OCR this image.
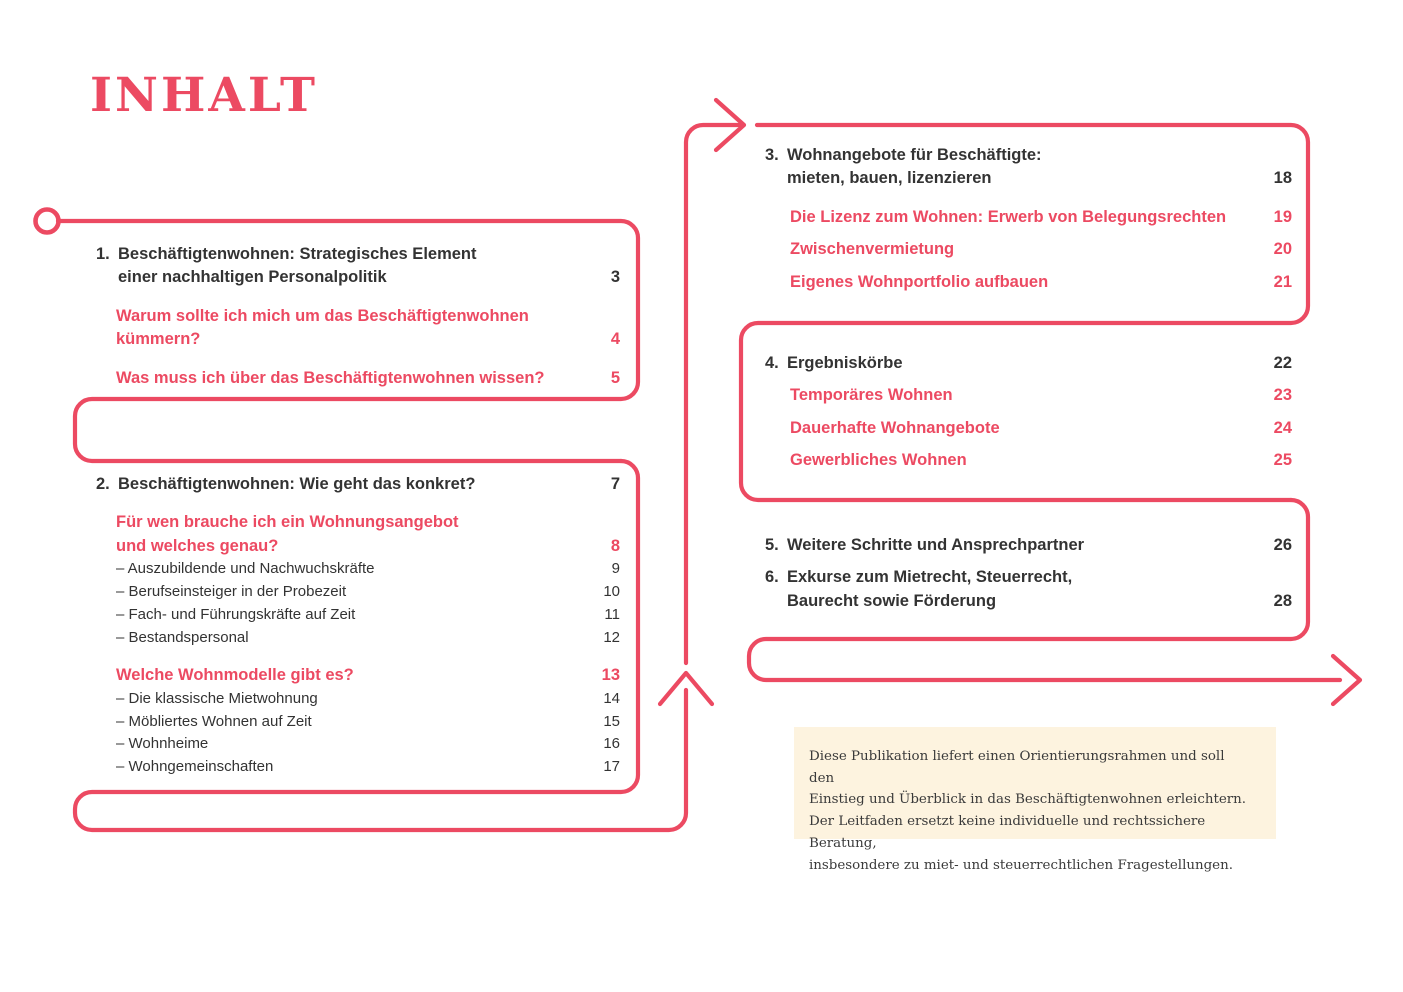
INHALT
1. Beschäftigtenwohnen: Strategisches Element
einer nachhaltigen Personalpolitik	3
Warum sollte ich mich um das Beschäftigtenwohnen
kümmern?	4
Was muss ich über das Beschäftigtenwohnen wissen?	5
2. Beschäftigtenwohnen: Wie geht das konkret?	7
Für wen brauche ich ein Wohnungsangebot
und welches genau?	8
– Auszubildende und Nachwuchskräfte	9
– Berufseinsteiger in der Probezeit	10
– Fach- und Führungskräfte auf Zeit	11
– Bestandspersonal	12
Welche Wohnmodelle gibt es?	13
– Die klassische Mietwohnung	14
– Möbliertes Wohnen auf Zeit	15
– Wohnheime	16
– Wohngemeinschaften	17
3. Wohnangebote für Beschäftigte:
mieten, bauen, lizenzieren	18
Die Lizenz zum Wohnen: Erwerb von Belegungsrechten	19
Zwischenvermietung	20
Eigenes Wohnportfolio aufbauen	21
4. Ergebniskörbe	22
Temporäres Wohnen	23
Dauerhafte Wohnangebote	24
Gewerbliches Wohnen	25
5. Weitere Schritte und Ansprechpartner	26
6. Exkurse zum Mietrecht, Steuerrecht,
Baurecht sowie Förderung	28

Diese Publikation liefert einen Orientierungsrahmen und soll den

Einstieg und Überblick in das Beschäftigtenwohnen erleichtern.

Der Leitfaden ersetzt keine individuelle und rechtssichere Beratung,

insbesondere zu miet- und steuerrechtlichen Fragestellungen.
